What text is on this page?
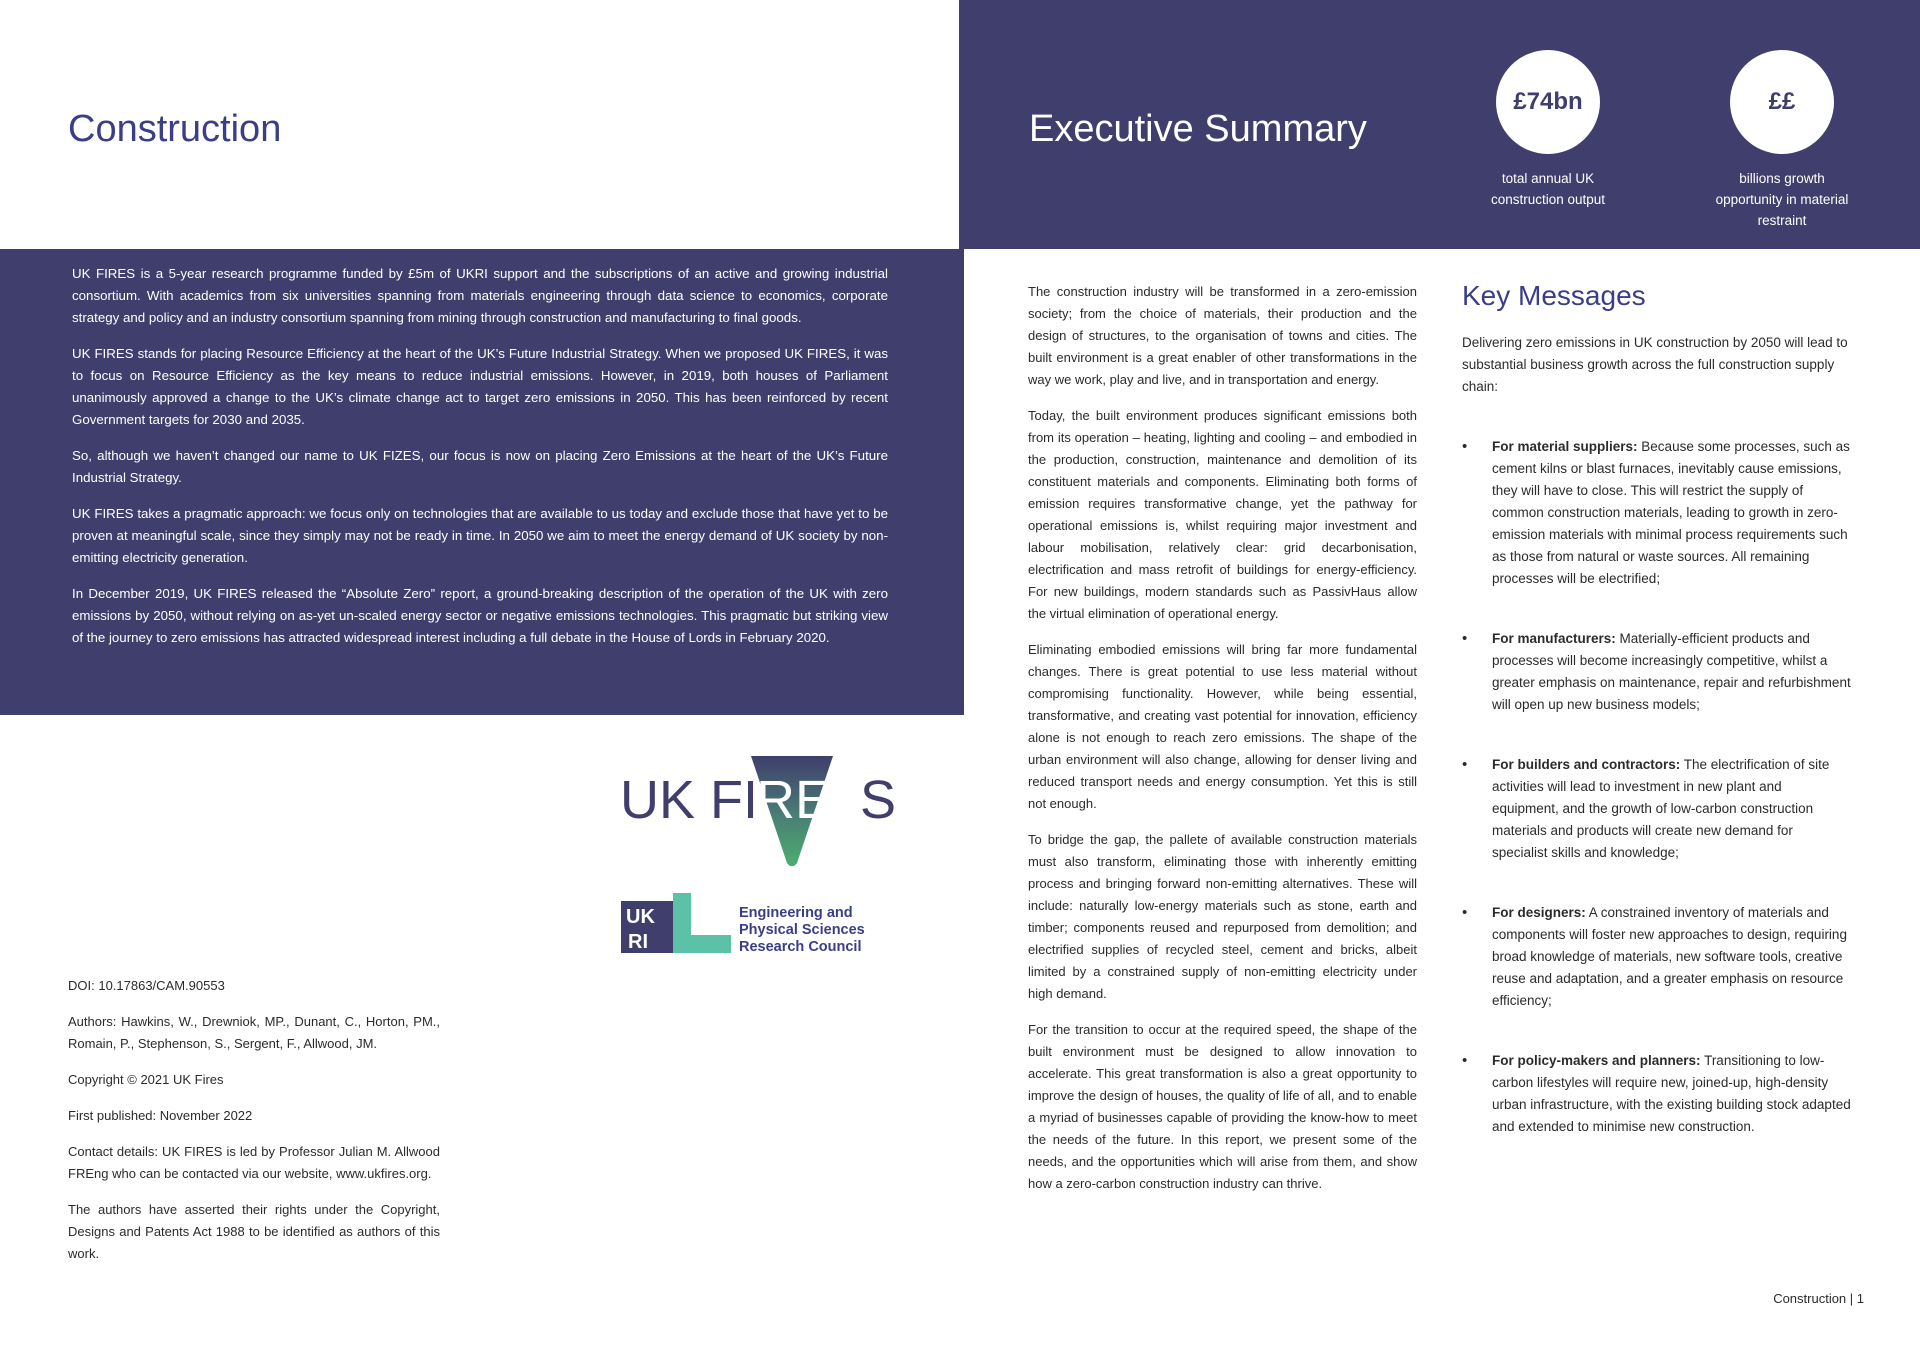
Construction

UK FIRES is a 5-year research programme funded by £5m of UKRI support and the subscriptions of an active and growing industrial consortium. With academics from six universities spanning from materials engineering through data science to economics, corporate strategy and policy and an industry consortium spanning from mining through construction and manufacturing to final goods.

UK FIRES stands for placing Resource Efficiency at the heart of the UK’s Future Industrial Strategy. When we proposed UK FIRES, it was to focus on Resource Efficiency as the key means to reduce industrial emissions. However, in 2019, both houses of Parliament unanimously approved a change to the UK’s climate change act to target zero emissions in 2050. This has been reinforced by recent Government targets for 2030 and 2035.

So, although we haven’t changed our name to UK FIZES, our focus is now on placing Zero Emissions at the heart of the UK’s Future Industrial Strategy.

UK FIRES takes a pragmatic approach: we focus only on technologies that are available to us today and exclude those that have yet to be proven at meaningful scale, since they simply may not be ready in time. In 2050 we aim to meet the energy demand of UK society by non-emitting electricity generation.

In December 2019, UK FIRES released the “Absolute Zero” report, a ground-breaking description of the operation of the UK with zero emissions by 2050, without relying on as-yet un-scaled energy sector or negative emissions technologies. This pragmatic but striking view of the journey to zero emissions has attracted widespread interest including a full debate in the House of Lords in February 2020.

UK FI
RE S
UK
RI
Engineering and
Physical Sciences
Research Council

DOI: 10.17863/CAM.90553

Authors: Hawkins, W., Drewniok, MP., Dunant, C., Horton, PM., Romain, P., Stephenson, S., Sergent, F., Allwood, JM.

Copyright © 2021 UK Fires

First published: November 2022

Contact details: UK FIRES is led by Professor Julian M. Allwood FREng who can be contacted via our website, www.ukfires.org.

The authors have asserted their rights under the Copyright, Designs and Patents Act 1988 to be identified as authors of this work.

Executive Summary
£74bn
total annual UK
construction output
££
billions growth
opportunity in material
restraint

The construction industry will be transformed in a zero-emission society; from the choice of materials, their production and the design of structures, to the organisation of towns and cities. The built environment is a great enabler of other transformations in the way we work, play and live, and in transportation and energy.

Today, the built environment produces significant emissions both from its operation – heating, lighting and cooling – and embodied in the production, construction, maintenance and demolition of its constituent materials and components. Eliminating both forms of emission requires transformative change, yet the pathway for operational emissions is, whilst requiring major investment and labour mobilisation, relatively clear: grid decarbonisation, electrification and mass retrofit of buildings for energy-efficiency. For new buildings, modern standards such as PassivHaus allow the virtual elimination of operational energy.

Eliminating embodied emissions will bring far more fundamental changes. There is great potential to use less material without compromising functionality. However, while being essential, transformative, and creating vast potential for innovation, efficiency alone is not enough to reach zero emissions. The shape of the urban environment will also change, allowing for denser living and reduced transport needs and energy consumption. Yet this is still not enough.

To bridge the gap, the pallete of available construction materials must also transform, eliminating those with inherently emitting process and bringing forward non-emitting alternatives. These will include: naturally low-energy materials such as stone, earth and timber; components reused and repurposed from demolition; and electrified supplies of recycled steel, cement and bricks, albeit limited by a constrained supply of non-emitting electricity under high demand.

For the transition to occur at the required speed, the shape of the built environment must be designed to allow innovation to accelerate. This great transformation is also a great opportunity to improve the design of houses, the quality of life of all, and to enable a myriad of businesses capable of providing the know-how to meet the needs of the future. In this report, we present some of the needs, and the opportunities which will arise from them, and show how a zero-carbon construction industry can thrive.

Key Messages

Delivering zero emissions in UK construction by 2050 will lead to substantial business growth across the full construction supply chain:

• For material suppliers: Because some processes, such as cement kilns or blast furnaces, inevitably cause emissions, they will have to close. This will restrict the supply of common construction materials, leading to growth in zero-emission materials with minimal process requirements such as those from natural or waste sources. All remaining processes will be electrified;
• For manufacturers: Materially-efficient products and processes will become increasingly competitive, whilst a greater emphasis on maintenance, repair and refurbishment will open up new business models;
• For builders and contractors: The electrification of site activities will lead to investment in new plant and equipment, and the growth of low-carbon construction materials and products will create new demand for specialist skills and knowledge;
• For designers: A constrained inventory of materials and components will foster new approaches to design, requiring broad knowledge of materials, new software tools, creative reuse and adaptation, and a greater emphasis on resource efficiency;
• For policy-makers and planners: Transitioning to low-carbon lifestyles will require new, joined-up, high-density urban infrastructure, with the existing building stock adapted and extended to minimise new construction.
Construction | 1
